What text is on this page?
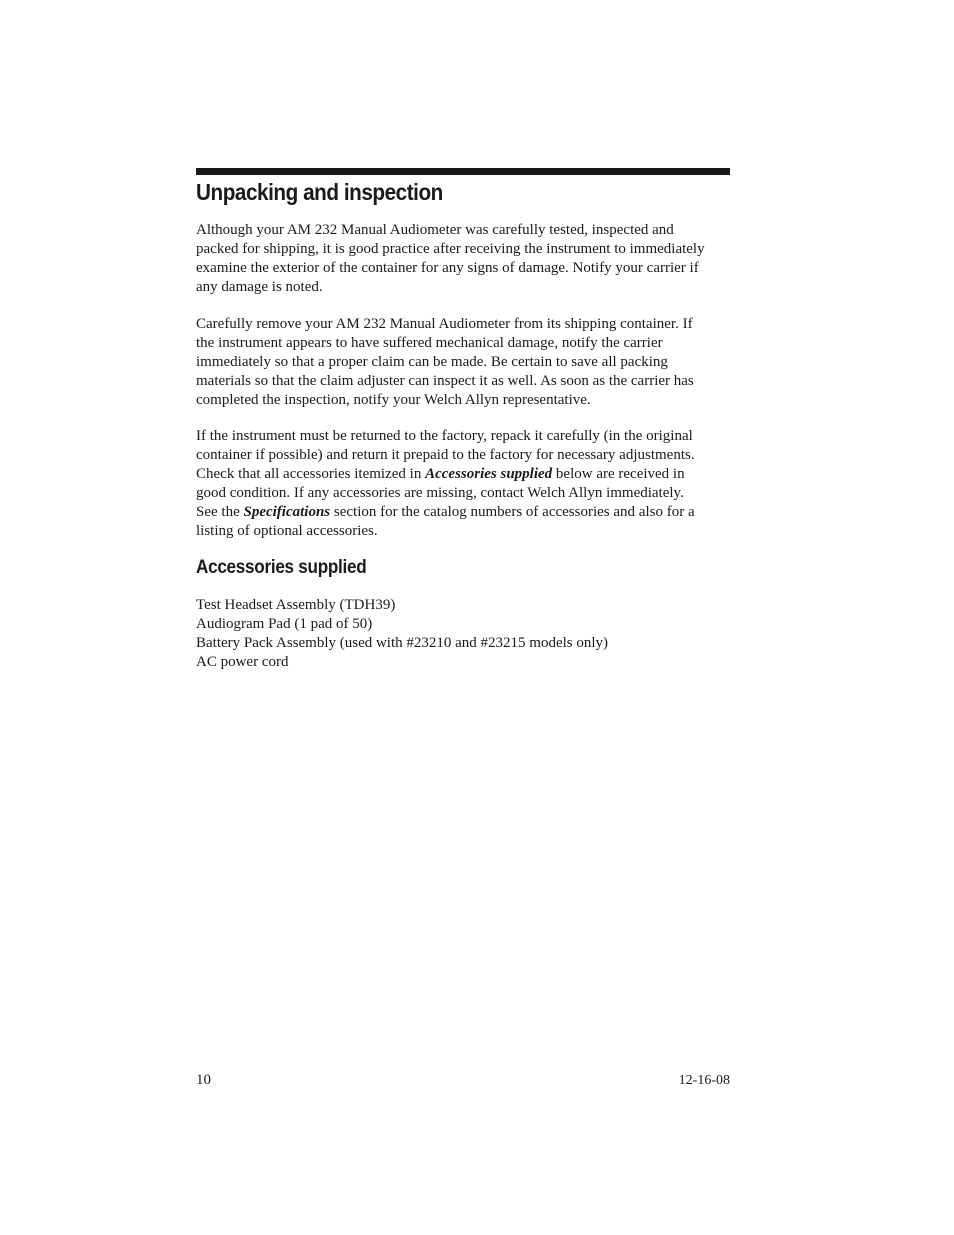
Unpacking and inspection

Although your AM 232 Manual Audiometer was carefully tested, inspected and
packed for shipping, it is good practice after receiving the instrument to immediately
examine the exterior of the container for any signs of damage. Notify your carrier if
any damage is noted.

Carefully remove your AM 232 Manual Audiometer from its shipping container. If
the instrument appears to have suffered mechanical damage, notify the carrier
immediately so that a proper claim can be made. Be certain to save all packing
materials so that the claim adjuster can inspect it as well. As soon as the carrier has
completed the inspection, notify your Welch Allyn representative.

If the instrument must be returned to the factory, repack it carefully (in the original
container if possible) and return it prepaid to the factory for necessary adjustments.
Check that all accessories itemized in Accessories supplied below are received in
good condition. If any accessories are missing, contact Welch Allyn immediately.
See the Specifications section for the catalog numbers of accessories and also for a
listing of optional accessories.

Accessories supplied
Test Headset Assembly (TDH39)
Audiogram Pad (1 pad of 50)
Battery Pack Assembly (used with #23210 and #23215 models only)
AC power cord
10	12-16-08
